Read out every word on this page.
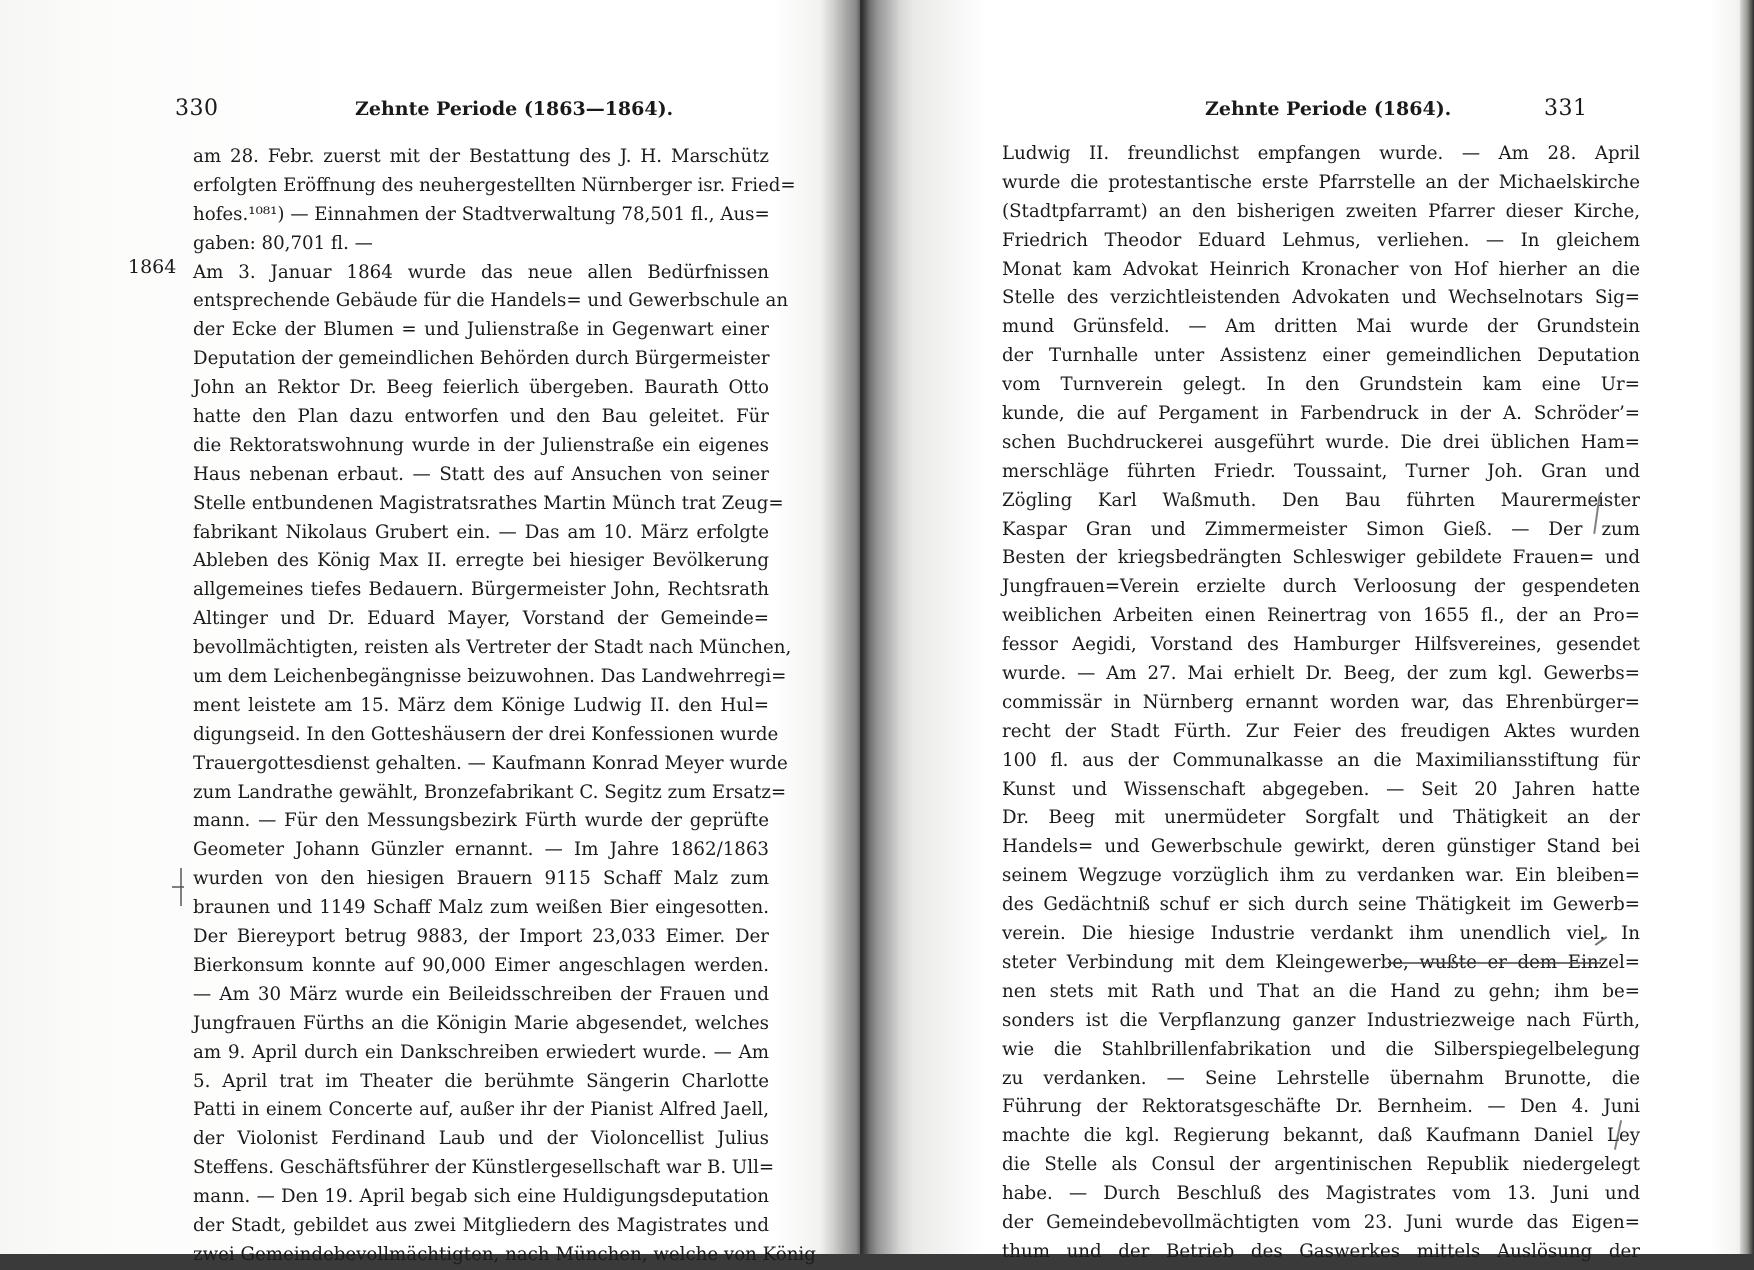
330	Zehnte Periode (1863—1864).
1864
am 28. Febr. zuerst mit der Bestattung des J. H. Marschütz
erfolgten Eröffnung des neuhergestellten Nürnberger isr. Fried=
hofes.¹⁰⁸¹) — Einnahmen der Stadtverwaltung 78,501 fl., Aus=
gaben: 80,701 fl. —
Am 3. Januar 1864 wurde das neue allen Bedürfnissen
entsprechende Gebäude für die Handels= und Gewerbschule an
der Ecke der Blumen = und Julienstraße in Gegenwart einer
Deputation der gemeindlichen Behörden durch Bürgermeister
John an Rektor Dr. Beeg feierlich übergeben. Baurath Otto
hatte den Plan dazu entworfen und den Bau geleitet. Für
die Rektoratswohnung wurde in der Julienstraße ein eigenes
Haus nebenan erbaut. — Statt des auf Ansuchen von seiner
Stelle entbundenen Magistratsrathes Martin Münch trat Zeug=
fabrikant Nikolaus Grubert ein. — Das am 10. März erfolgte
Ableben des König Max II. erregte bei hiesiger Bevölkerung
allgemeines tiefes Bedauern. Bürgermeister John, Rechtsrath
Altinger und Dr. Eduard Mayer, Vorstand der Gemeinde=
bevollmächtigten, reisten als Vertreter der Stadt nach München,
um dem Leichenbegängnisse beizuwohnen. Das Landwehrregi=
ment leistete am 15. März dem Könige Ludwig II. den Hul=
digungseid. In den Gotteshäusern der drei Konfessionen wurde
Trauergottesdienst gehalten. — Kaufmann Konrad Meyer wurde
zum Landrathe gewählt, Bronzefabrikant C. Segitz zum Ersatz=
mann. — Für den Messungsbezirk Fürth wurde der geprüfte
Geometer Johann Günzler ernannt. — Im Jahre 1862/1863
wurden von den hiesigen Brauern 9115 Schaff Malz zum
braunen und 1149 Schaff Malz zum weißen Bier eingesotten.
Der Biereyport betrug 9883, der Import 23,033 Eimer. Der
Bierkonsum konnte auf 90,000 Eimer angeschlagen werden.
— Am 30 März wurde ein Beileidsschreiben der Frauen und
Jungfrauen Fürths an die Königin Marie abgesendet, welches
am 9. April durch ein Dankschreiben erwiedert wurde. — Am
5. April trat im Theater die berühmte Sängerin Charlotte
Patti in einem Concerte auf, außer ihr der Pianist Alfred Jaell,
der Violonist Ferdinand Laub und der Violoncellist Julius
Steffens. Geschäftsführer der Künstlergesellschaft war B. Ull=
mann. — Den 19. April begab sich eine Huldigungsdeputation
der Stadt, gebildet aus zwei Mitgliedern des Magistrates und
zwei Gemeindebevollmächtigten, nach München, welche von König
Zehnte Periode (1864).	331
Ludwig II. freundlichst empfangen wurde. — Am 28. April
wurde die protestantische erste Pfarrstelle an der Michaelskirche
(Stadtpfarramt) an den bisherigen zweiten Pfarrer dieser Kirche,
Friedrich Theodor Eduard Lehmus, verliehen. — In gleichem
Monat kam Advokat Heinrich Kronacher von Hof hierher an die
Stelle des verzichtleistenden Advokaten und Wechselnotars Sig=
mund Grünsfeld. — Am dritten Mai wurde der Grundstein
der Turnhalle unter Assistenz einer gemeindlichen Deputation
vom Turnverein gelegt. In den Grundstein kam eine Ur=
kunde, die auf Pergament in Farbendruck in der A. Schröder’=
schen Buchdruckerei ausgeführt wurde. Die drei üblichen Ham=
merschläge führten Friedr. Toussaint, Turner Joh. Gran und
Zögling Karl Waßmuth. Den Bau führten Maurermeister
Kaspar Gran und Zimmermeister Simon Gieß. — Der zum
Besten der kriegsbedrängten Schleswiger gebildete Frauen= und
Jungfrauen=Verein erzielte durch Verloosung der gespendeten
weiblichen Arbeiten einen Reinertrag von 1655 fl., der an Pro=
fessor Aegidi, Vorstand des Hamburger Hilfsvereines, gesendet
wurde. — Am 27. Mai erhielt Dr. Beeg, der zum kgl. Gewerbs=
commissär in Nürnberg ernannt worden war, das Ehrenbürger=
recht der Stadt Fürth. Zur Feier des freudigen Aktes wurden
100 fl. aus der Communalkasse an die Maximiliansstiftung für
Kunst und Wissenschaft abgegeben. — Seit 20 Jahren hatte
Dr. Beeg mit unermüdeter Sorgfalt und Thätigkeit an der
Handels= und Gewerbschule gewirkt, deren günstiger Stand bei
seinem Wegzuge vorzüglich ihm zu verdanken war. Ein bleiben=
des Gedächtniß schuf er sich durch seine Thätigkeit im Gewerb=
verein. Die hiesige Industrie verdankt ihm unendlich viel. In
steter Verbindung mit dem Kleingewerbe, wußte er dem Einzel=
nen stets mit Rath und That an die Hand zu gehn; ihm be=
sonders ist die Verpflanzung ganzer Industriezweige nach Fürth,
wie die Stahlbrillenfabrikation und die Silberspiegelbelegung
zu verdanken. — Seine Lehrstelle übernahm Brunotte, die
Führung der Rektoratsgeschäfte Dr. Bernheim. — Den 4. Juni
machte die kgl. Regierung bekannt, daß Kaufmann Daniel Ley
die Stelle als Consul der argentinischen Republik niedergelegt
habe. — Durch Beschluß des Magistrates vom 13. Juni und
der Gemeindebevollmächtigten vom 23. Juni wurde das Eigen=
thum und der Betrieb des Gaswerkes mittels Auslösung der
